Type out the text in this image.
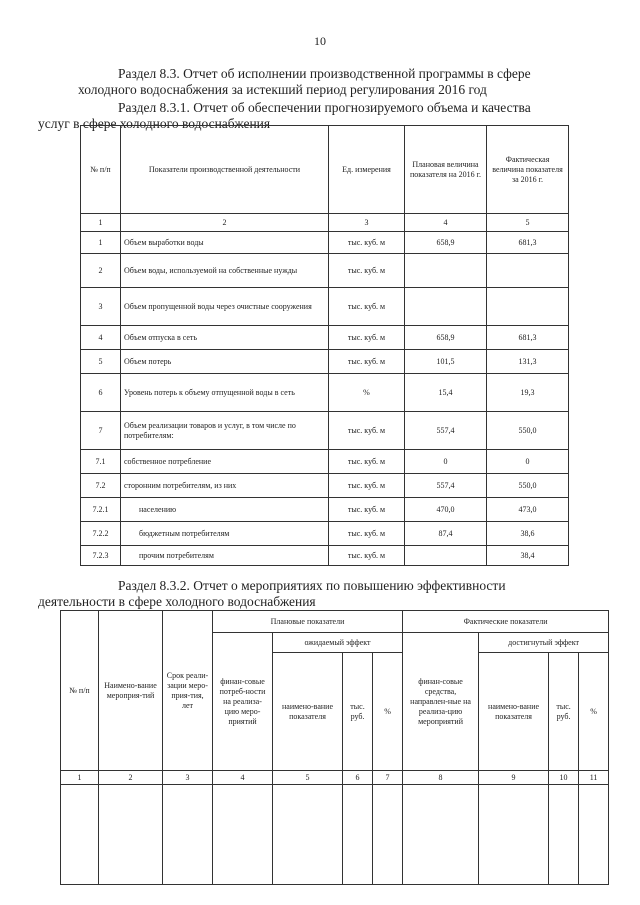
10
Раздел 8.3. Отчет об исполнении производственной программы в сфере
холодного водоснабжения за истекший период регулирования 2016 год
Раздел 8.3.1. Отчет об обеспечении прогнозируемого объема и качества
услуг в сфере холодного водоснабжения
№ п/п	Показатели производственной деятельности	Ед. измерения	Плановая величина показателя на 2016 г.	Фактическая величина показателя за 2016 г.
1	2	3	4	5
1	Объем выработки воды	тыс. куб. м	658,9	681,3
2	Объем воды, используемой на собственные нужды	тыс. куб. м		
3	Объем пропущенной воды через очистные сооружения	тыс. куб. м		
4	Объем отпуска в сеть	тыс. куб. м	658,9	681,3
5	Объем потерь	тыс. куб. м	101,5	131,3
6	Уровень потерь к объему отпущенной воды в сеть	%	15,4	19,3
7	Объем реализации товаров и услуг, в том числе по потребителям:	тыс. куб. м	557,4	550,0
7.1	собственное потребление	тыс. куб. м	0	0
7.2	сторонним потребителям, из них	тыс. куб. м	557,4	550,0
7.2.1	населению	тыс. куб. м	470,0	473,0
7.2.2	бюджетным потребителям	тыс. куб. м	87,4	38,6
7.2.3	прочим потребителям	тыс. куб. м		38,4
Раздел 8.3.2. Отчет о мероприятиях по повышению эффективности
деятельности в сфере холодного водоснабжения
№ п/п	Наимено-вание мероприя-тий	Срок реали-зации меро-прия-тия, лет	Плановые показатели				Фактические показатели			
			финан-совые потреб-ности на реализа-цию меро-приятий	ожидаемый эффект			финан-совые средства, направлен-ные на реализа-цию мероприятий	достигнутый эффект		
				наимено-вание показателя	тыс. руб.	%		наимено-вание показателя	тыс. руб.	%
1	2	3	4	5	6	7	8	9	10	11
